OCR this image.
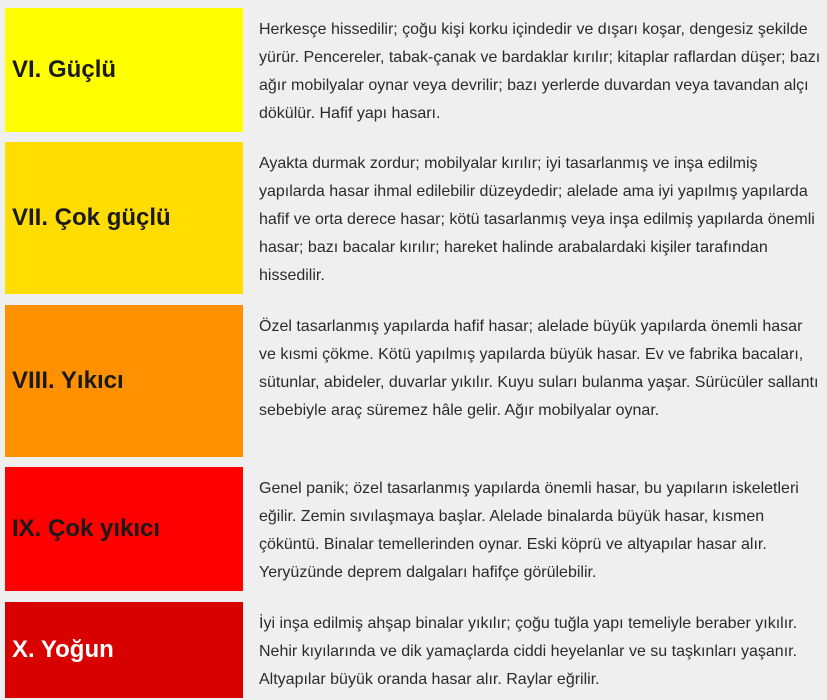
VI. Güçlü
Herkesçe hissedilir; çoğu kişi korku içindedir ve dışarı koşar, dengesiz şekilde yürür. Pencereler, tabak-çanak ve bardaklar kırılır; kitaplar raflardan düşer; bazı ağır mobilyalar oynar veya devrilir; bazı yerlerde duvardan veya tavandan alçı dökülür. Hafif yapı hasarı.
VII. Çok güçlü
Ayakta durmak zordur; mobilyalar kırılır; iyi tasarlanmış ve inşa edilmiş yapılarda hasar ihmal edilebilir düzeydedir; alelade ama iyi yapılmış yapılarda hafif ve orta derece hasar; kötü tasarlanmış veya inşa edilmiş yapılarda önemli hasar; bazı bacalar kırılır; hareket halinde arabalardaki kişiler tarafından hissedilir.
VIII. Yıkıcı
Özel tasarlanmış yapılarda hafif hasar; alelade büyük yapılarda önemli hasar ve kısmi çökme. Kötü yapılmış yapılarda büyük hasar. Ev ve fabrika bacaları, sütunlar, abideler, duvarlar yıkılır. Kuyu suları bulanma yaşar. Sürücüler sallantı sebebiyle araç süremez hâle gelir. Ağır mobilyalar oynar.
IX. Çok yıkıcı
Genel panik; özel tasarlanmış yapılarda önemli hasar, bu yapıların iskeletleri eğilir. Zemin sıvılaşmaya başlar. Alelade binalarda büyük hasar, kısmen çöküntü. Binalar temellerinden oynar. Eski köprü ve altyapılar hasar alır. Yeryüzünde deprem dalgaları hafifçe görülebilir.
X. Yoğun
İyi inşa edilmiş ahşap binalar yıkılır; çoğu tuğla yapı temeliyle beraber yıkılır. Nehir kıyılarında ve dik yamaçlarda ciddi heyelanlar ve su taşkınları yaşanır. Altyapılar büyük oranda hasar alır. Raylar eğrilir.
